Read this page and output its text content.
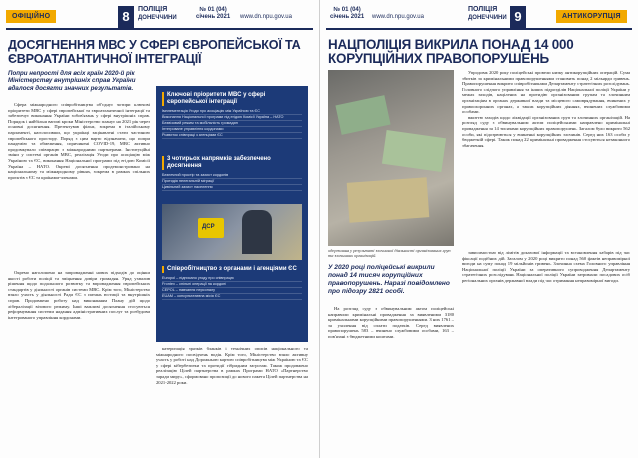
ОФІЦІЙНО	8	ПОЛІЦІЯ
ДОНЕЧЧИНИ
№ 01 (04)
січень 2021 www.dn.npu.gov.ua
ДОСЯГНЕННЯ МВС У СФЕРІ ЄВРОПЕЙСЬКОЇ ТА ЄВРОАТЛАНТИЧНОЇ ІНТЕГРАЦІЇ
Попри непрості для всіх країн 2020-й рік Міністерству внутрішніх справ України вдалося досягти значних результатів.

Сфера міжнародного співробітництва об'єднує чотири ключові пріоритети МВС у сфері європейської та євроатлантичної інтеграції та забезпечує виконання України зобов'язань у сфері внутрішніх справ. Порядок і найбільш вагомі кроки Міністерство планує на 2021 рік через основні досягнення. Презентував фільм, зокрема в італійському парламенті, наголосивши, що українці зацікавлені стати частиною європейського простору. Поряд з цим варто відзначити, що попри пандемію та обмеження, спричинені COVID-19, МВС активно продовжувало співпрацю з міжнародними партнерами. Інституційні зміни у системі органів МВС, реалізація Угоди про асоціацію між Україною та ЄС, виконання Національної програми під егідою Комісії Україна – НАТО. Окремі досягнення продемонстровано на національному та міжнародному рівнях, зокрема в рамках спільних проєктів з ЄС та країнами-членами.

Окремо наголошено на запровадженні нових підходів до оцінки якості роботи поліції та зміцнення довіри громадян. Уряд ухвалив рішення щодо подальшого розвитку та впровадження європейських стандартів у діяльності органів системи МВС. Крім того, Міністерство взяло участь у діяльності Ради ЄС з питань юстиції та внутрішніх справ. Продовжено роботу над виконанням Плану дій щодо лібералізації візового режиму. Інші важливі досягнення стосуються реформування системи надання адміністративних послуг та розбудови інтегрованого управління кордонами.

Ключові пріоритети МВС у сфері європейської інтеграції
Імплементація Угоди про асоціацію між Україною та ЄС
Виконання Національної програми під егідою Комісії Україна – НАТО
Безвізовий режим та мобільність громадян
Інтегроване управління кордонами
Розвиток співпраці з агенціями ЄС
3 чотирьох напрямків забезпечено досягнення
Безпечний простір та захист кордонів
Протидія нелегальній міграції
Цивільний захист населення
ДСР
Співробітництво з органами і агенціями ЄС
Europol – підписано угоду про співпрацю
Frontex – спільні операції на кордоні
CEPOL – навчання персоналу
EUAM – консультативна місія ЄС

катеризація зразків бланків і технічних описів національного та міжнародного посвідчень водія. Крім того, Міністерство взяло активну участь у роботі над Дорожньою картою співробітництва між Україною та ЄС у сфері кібербезпеки та протидії гібридним загрозам. Також продовжено реалізацію Цілей партнерства в рамках Програми НАТО «Партнерство заради миру», сформовано пропозиції до нового пакета Цілей партнерства на 2021-2022 роки.

№ 01 (04)
січень 2021 www.dn.npu.gov.ua
ПОЛІЦІЯ
ДОНЕЧЧИНИ 9	АНТИКОРУПЦІЯ
НАЦПОЛІЦІЯ ВИКРИЛА ПОНАД 14 000 КОРУПЦІЙНИХ ПРАВОПОРУШЕНЬ

Упродовж 2020 року поліцейські провели низку антикорупційних операцій. Сума збитків за кримінальними правопорушеннями становить понад 2 мільярди гривень. Правопорушення викрито співробітниками Департаменту стратегічних розслідувань. Головного слідчого управління та інших підрозділів Національної поліції України у межах заходів, націлених на протидію організованим групам та злочинним організаціям в органах державної влади та місцевого самоврядування, вчинених у правоохоронних органах, а також корупційних діяннях, вчинених службовими особами.

вжиттю заходів щодо ліквідації організованих груп та злочинних організацій. На розгляд суду з обвинувальним актом поліцейськими направлено кримінальні провадження за 14 тисячами корупційних правопорушень. Загалом було викрито 562 особи, які підозрюються у вчиненні корупційних злочинів. Серед них 163 особи у бюджетній сфері. Також понад 22 кримінальні провадження стосуються незаконного збагачення.

одержання у результаті злочинної діяльності організованих груп та злочинних організацій.
У 2020 році поліцейські викрили понад 14 тисяч корупційних правопорушень. Наразі повідомлено про підозру 2821 особі.

На розгляд суду з обвинувальним актом поліцейські направили кримінальні провадження за виявленими 3180 кримінальними корупційними правопорушеннями. З них 1761 – за ухилення від сплати податків. Серед виявлених правопорушень 583 – вчинено службовими особами, 163 – пов'язані з бюджетними коштами.

зависимостью від лімітів доказової інформації та встановлення хабарів під час фіксації подібних дій. Загалом у 2020 році викрито понад 560 фактів неправомірної вигоди на суму понад 19 мільйонів гривень. Злочинна схема Головного управління Національної поліції України за оперативного супроводження Департаменту стратегічних розслідувань Національної поліції України затримали посадових осіб регіональних органів державної влади під час отримання неправомірної вигоди.
